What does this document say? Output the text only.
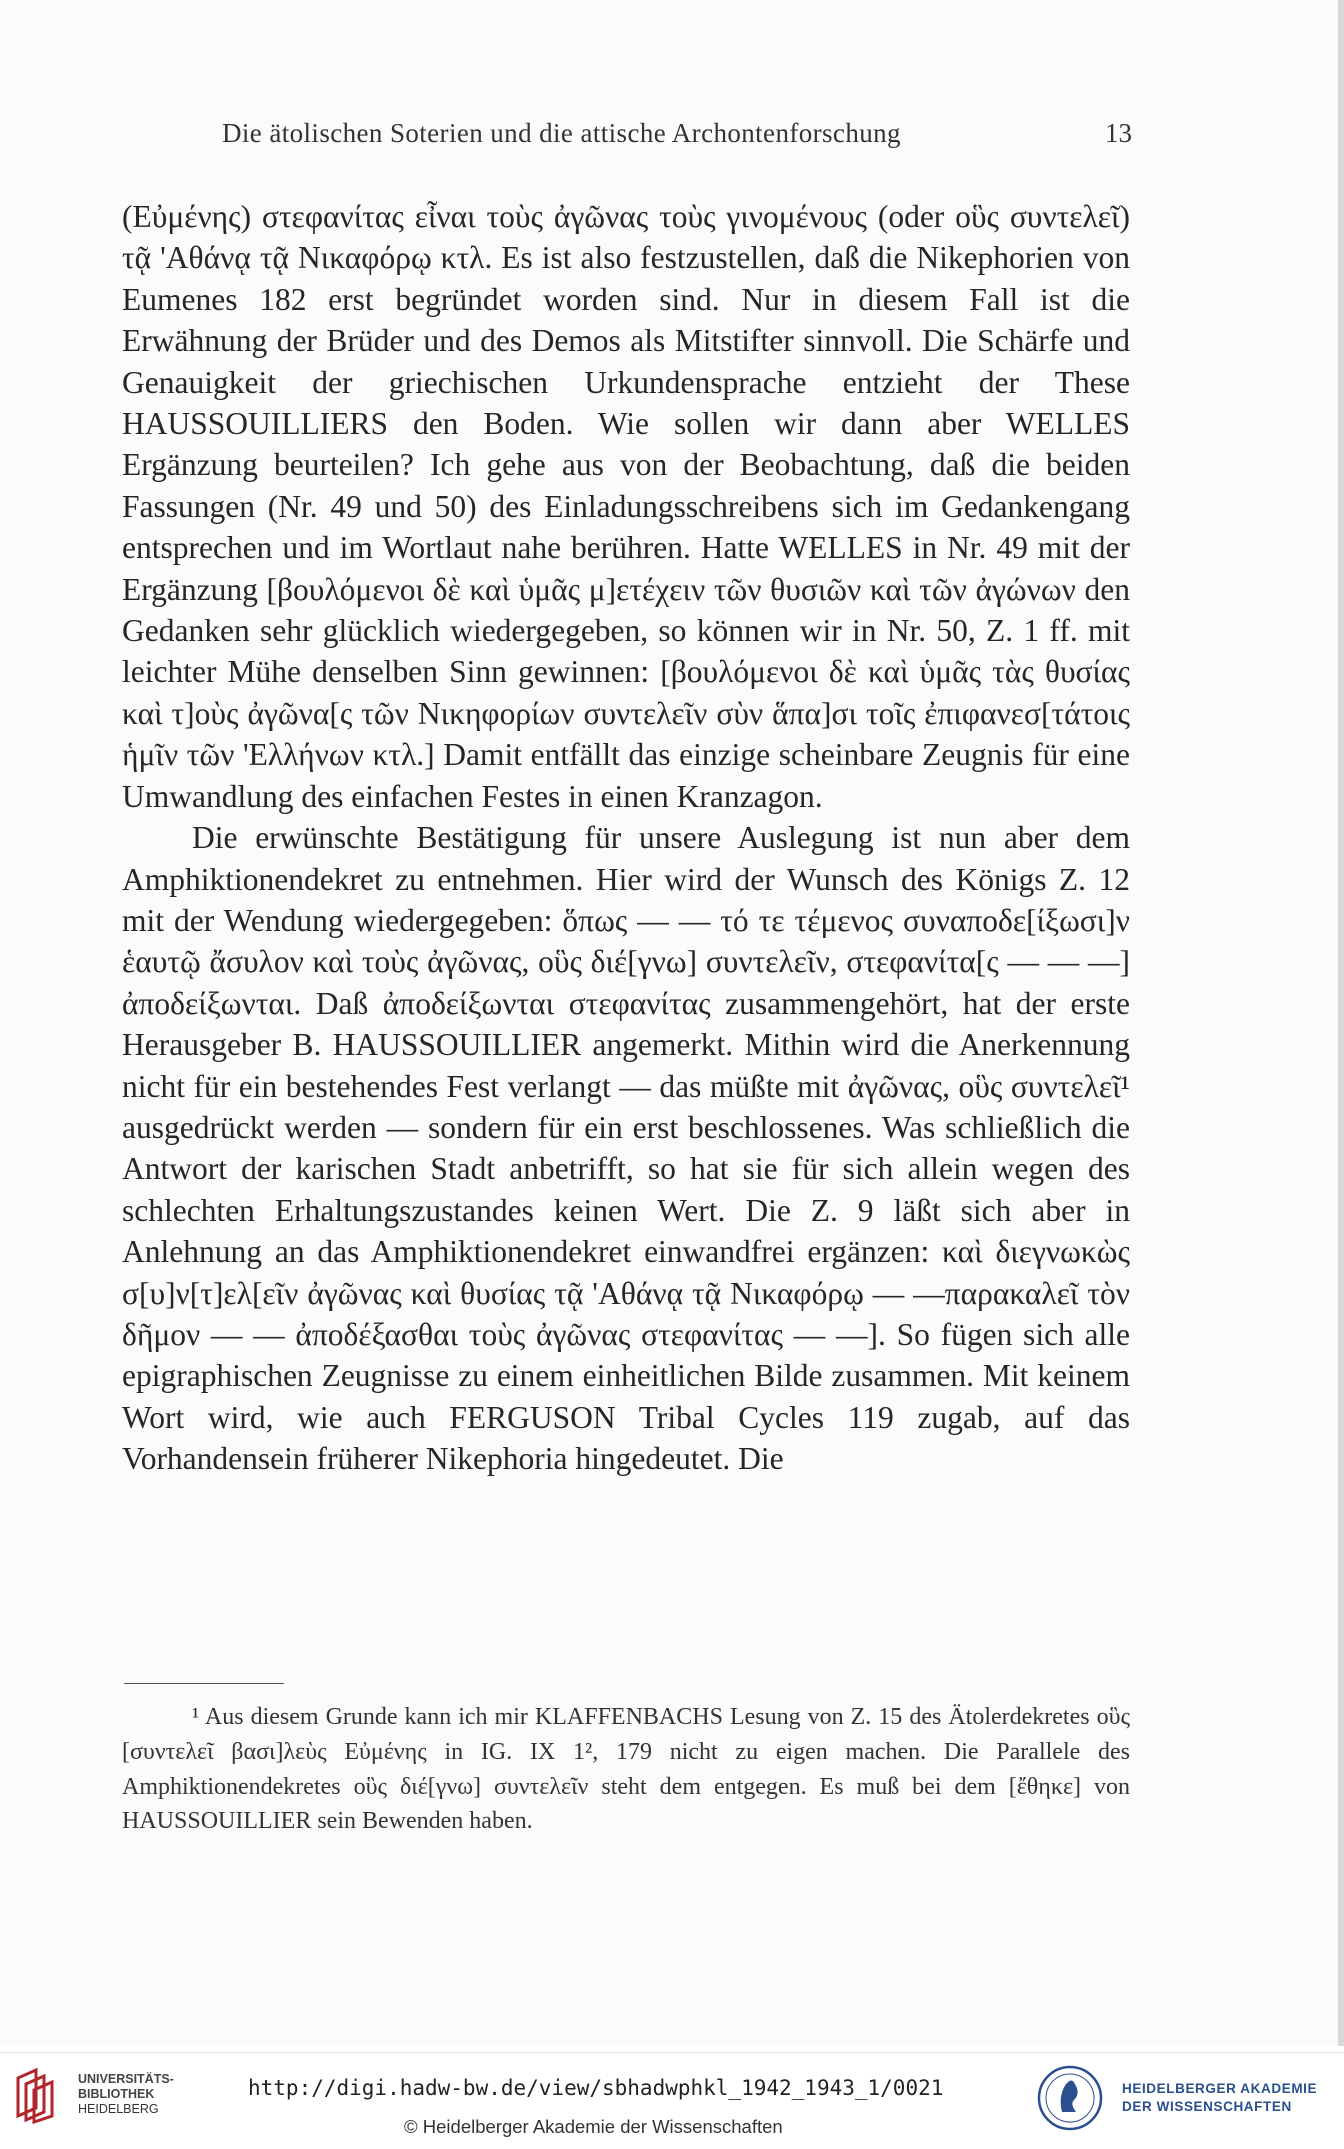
Die ätolischen Soterien und die attische Archontenforschung	13

(Εὐμένης) στεφανίτας εἶναι τοὺς ἀγῶνας τοὺς γινομένους (oder οὓς συντελεῖ) τᾷ 'Αθάνᾳ τᾷ Νικαφόρῳ κτλ. Es ist also festzustellen, daß die Nikephorien von Eumenes 182 erst begründet worden sind. Nur in diesem Fall ist die Erwähnung der Brüder und des Demos als Mitstifter sinnvoll. Die Schärfe und Genauigkeit der griechischen Urkundensprache entzieht der These HAUSSOUILLIERS den Boden. Wie sollen wir dann aber WELLES Ergänzung beurteilen? Ich gehe aus von der Beobachtung, daß die beiden Fassungen (Nr. 49 und 50) des Einladungsschreibens sich im Gedankengang entsprechen und im Wortlaut nahe berühren. Hatte WELLES in Nr. 49 mit der Ergänzung [βουλόμενοι δὲ καὶ ὑμᾶς μ]ετέχειν τῶν θυσιῶν καὶ τῶν ἀγώνων den Gedanken sehr glücklich wiedergegeben, so können wir in Nr. 50, Z. 1 ff. mit leichter Mühe denselben Sinn gewinnen: [βουλόμενοι δὲ καὶ ὑμᾶς τὰς θυσίας καὶ τ]οὺς ἀγῶνα[ς τῶν Νικηφορίων συντελεῖν σὺν ἅπα]σι τοῖς ἐπιφανεσ[τάτοις ἡμῖν τῶν 'Ελλήνων κτλ.] Damit entfällt das einzige scheinbare Zeugnis für eine Umwandlung des einfachen Festes in einen Kranzagon.

Die erwünschte Bestätigung für unsere Auslegung ist nun aber dem Amphiktionendekret zu entnehmen. Hier wird der Wunsch des Königs Z. 12 mit der Wendung wiedergegeben: ὅπως — — τό τε τέμενος συναποδε[ίξωσι]ν ἑαυτῷ ἄσυλον καὶ τοὺς ἀγῶνας, οὓς διέ[γνω] συντελεῖν, στεφανίτα[ς — — —] ἀποδείξωνται. Daß ἀποδείξωνται στεφανίτας zusammengehört, hat der erste Herausgeber B. HAUSSOUILLIER angemerkt. Mithin wird die Anerkennung nicht für ein bestehendes Fest verlangt — das müßte mit ἀγῶνας, οὓς συντελεῖ¹ ausgedrückt werden — sondern für ein erst beschlossenes. Was schließlich die Antwort der karischen Stadt anbetrifft, so hat sie für sich allein wegen des schlechten Erhaltungszustandes keinen Wert. Die Z. 9 läßt sich aber in Anlehnung an das Amphiktionendekret einwandfrei ergänzen: καὶ διεγνωκὼς σ[υ]ν[τ]ελ[εῖν ἀγῶνας καὶ θυσίας τᾷ 'Αθάνᾳ τᾷ Νικαφόρῳ — —παρακαλεῖ τὸν δῆμον — — ἀποδέξασθαι τοὺς ἀγῶνας στεφανίτας — —]. So fügen sich alle epigraphischen Zeugnisse zu einem einheitlichen Bilde zusammen. Mit keinem Wort wird, wie auch FERGUSON Tribal Cycles 119 zugab, auf das Vorhandensein früherer Nikephoria hingedeutet. Die

¹ Aus diesem Grunde kann ich mir KLAFFENBACHS Lesung von Z. 15 des Ätolerdekretes οὓς [συντελεῖ βασι]λεὺς Εὐμένης in IG. IX 1², 179 nicht zu eigen machen. Die Parallele des Amphiktionendekretes οὓς διέ[γνω] συντελεῖν steht dem entgegen. Es muß bei dem [ἔθηκε] von HAUSSOUILLIER sein Bewenden haben.

UNIVERSITÄTS-
BIBLIOTHEK
HEIDELBERG
http://digi.hadw-bw.de/view/sbhadwphkl_1942_1943_1/0021
© Heidelberger Akademie der Wissenschaften
HEIDELBERGER AKADEMIE
DER WISSENSCHAFTEN
